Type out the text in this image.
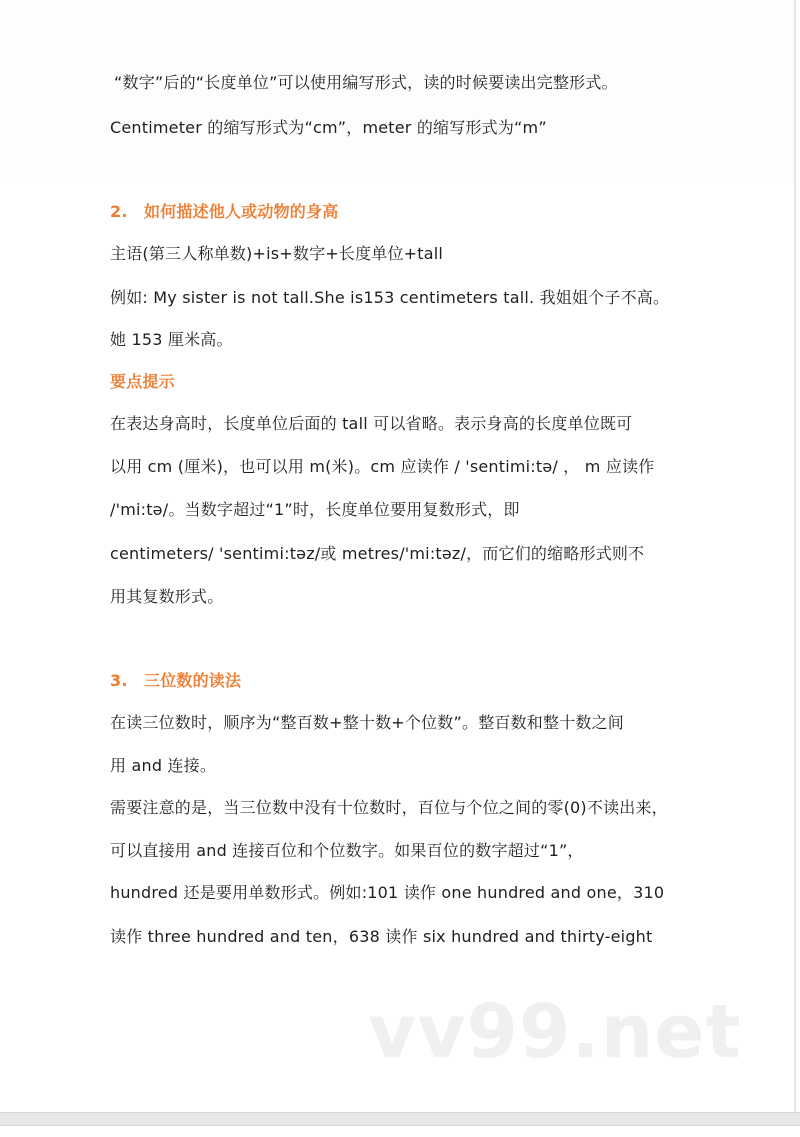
“数字”后的“长度单位”可以使用编写形式，读的时候要读出完整形式。
Centimeter 的缩写形式为“cm”，meter 的缩写形式为“m”
2. 如何描述他人或动物的身高
主语(第三人称单数)+is+数字+长度单位+tall
例如: My sister is not tall.She is153 centimeters tall. 我姐姐个子不高。
她 153 厘米高。
要点提示
在表达身高时，长度单位后面的 tall 可以省略。表示身高的长度单位既可
以用 cm (厘米)，也可以用 m(米)。cm 应读作 / 'sentimi:tə/ ， m 应读作
/'mi:tə/。当数字超过“1”时，长度单位要用复数形式，即
centimeters/ 'sentimi:təz/或 metres/'mi:təz/，而它们的缩略形式则不
用其复数形式。
3. 三位数的读法
在读三位数时，顺序为“整百数+整十数+个位数”。整百数和整十数之间
用 and 连接。
需要注意的是，当三位数中没有十位数时，百位与个位之间的零(0)不读出来，
可以直接用 and 连接百位和个位数字。如果百位的数字超过“1”，
hundred 还是要用单数形式。例如:101 读作 one hundred and one，310
读作 three hundred and ten，638 读作 six hundred and thirty-eight
vv99.net
